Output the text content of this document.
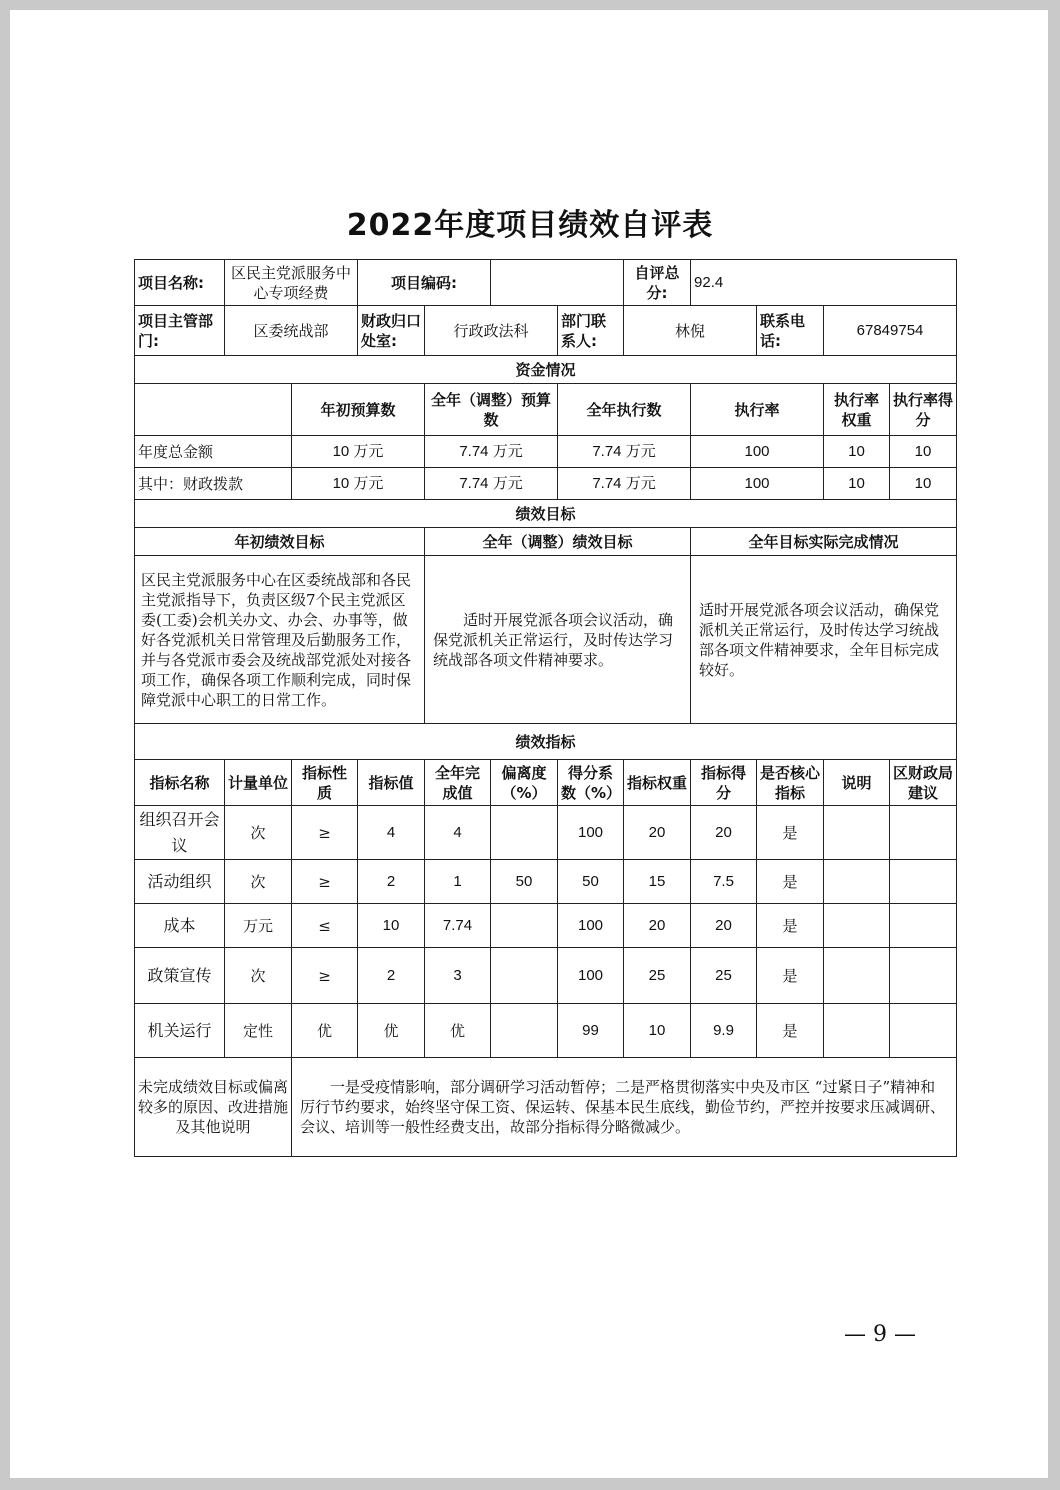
2022年度项目绩效自评表
项目名称:	区民主党派服务中心专项经费		项目编码:				自评总分:	92.4			
项目主管部门:	区委统战部		财政归口处室:	行政政法科		部门联系人:	林倪		联系电话:	67849754	
资金情况											
		年初预算数		全年（调整）预算数		全年执行数		执行率		执行率权重	执行率得分
年度总金额		10 万元		7.74 万元		7.74 万元		100		10	10
其中：财政拨款		10 万元		7.74 万元		7.74 万元		100		10	10
绩效目标											
年初绩效目标				全年（调整）绩效目标				全年目标实际完成情况			
区民主党派服务中心在区委统战部和各民主党派指导下，负责区级7个民主党派区委(工委)会机关办文、办会、办事等，做好各党派机关日常管理及后勤服务工作，并与各党派市委会及统战部党派处对接各项工作，确保各项工作顺利完成，同时保障党派中心职工的日常工作。				适时开展党派各项会议活动，确保党派机关正常运行，及时传达学习统战部各项文件精神要求。				适时开展党派各项会议活动，确保党派机关正常运行，及时传达学习统战部各项文件精神要求，全年目标完成较好。			
绩效指标											
指标名称	计量单位	指标性质	指标值	全年完成值	偏离度（%）	得分系数（%）	指标权重	指标得分	是否核心指标	说明	区财政局建议
组织召开会议	次	≥	4	4		100	20	20	是		
活动组织	次	≥	2	1	50	50	15	7.5	是		
成本	万元	≤	10	7.74		100	20	20	是		
政策宣传	次	≥	2	3		100	25	25	是		
机关运行	定性	优	优	优		99	10	9.9	是		
未完成绩效目标或偏离较多的原因、改进措施及其他说明		一是受疫情影响，部分调研学习活动暂停；二是严格贯彻落实中央及市区 “过紧日子”精神和厉行节约要求，始终坚守保工资、保运转、保基本民生底线，勤俭节约，严控并按要求压减调研、会议、培训等一般性经费支出，故部分指标得分略微减少。									
— 9 —
